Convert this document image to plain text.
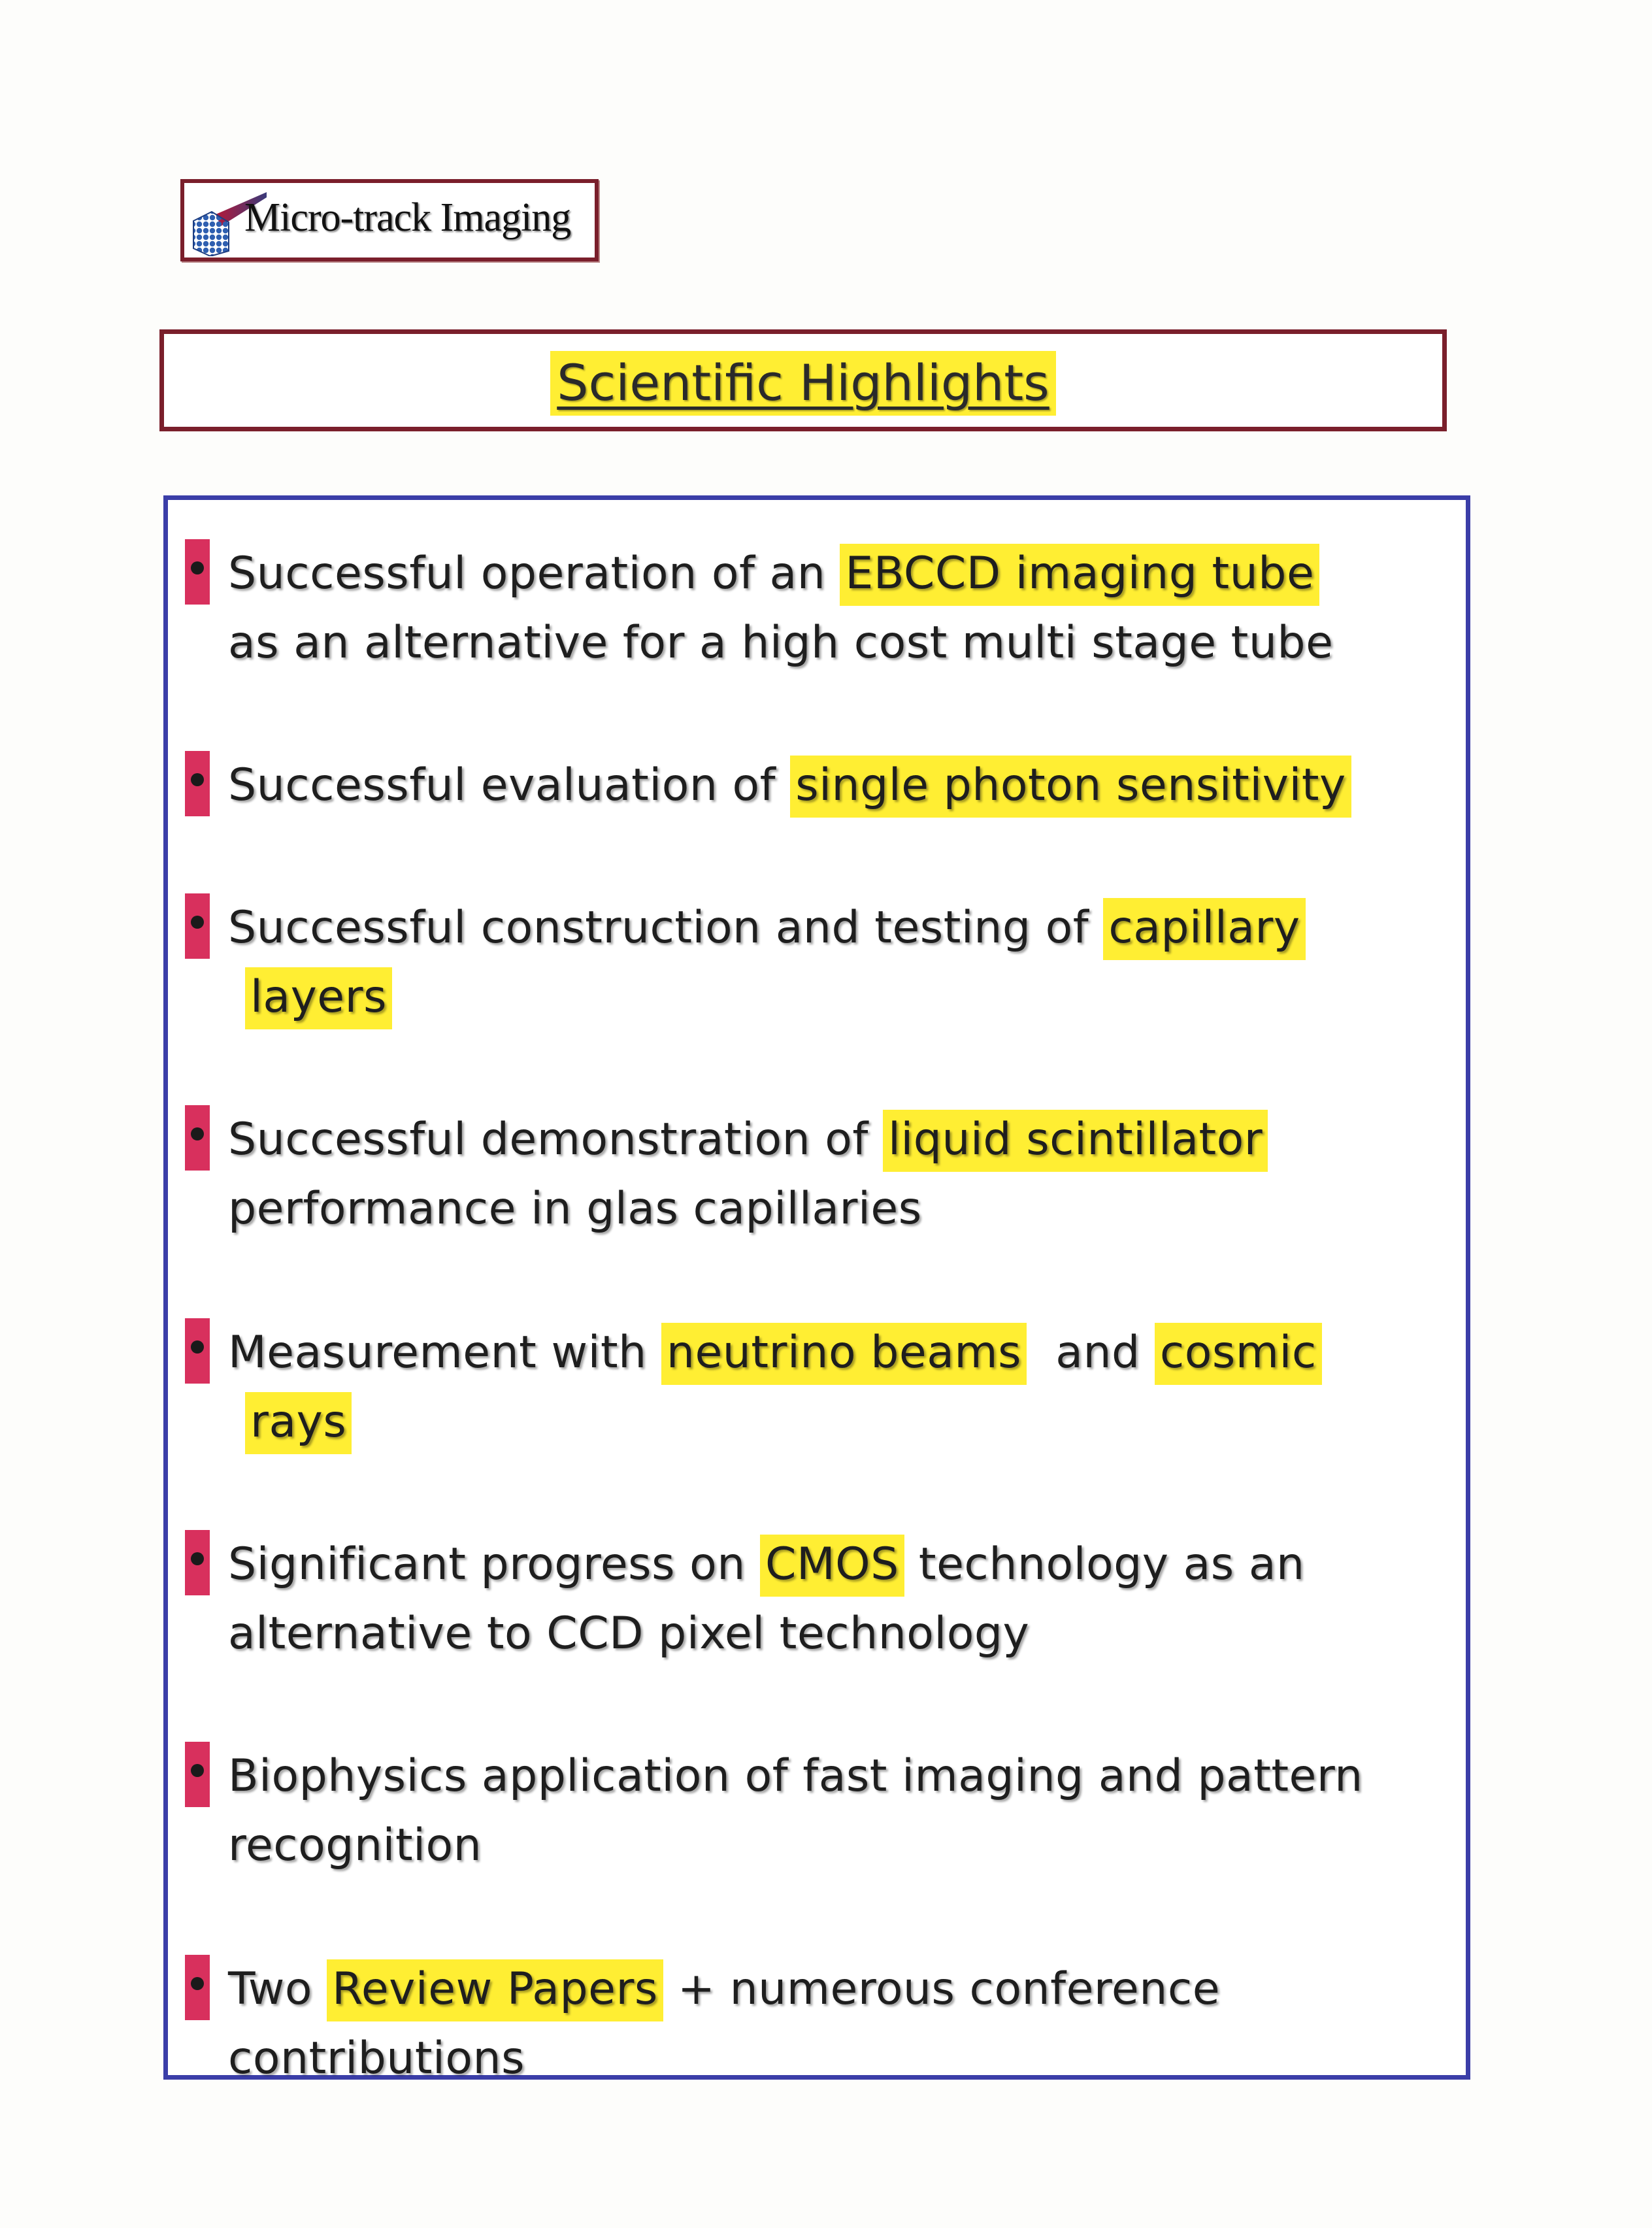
Micro-track Imaging
Scientific Highlights
Successful operation of an EBCCD imaging tube
as an alternative for a high cost multi stage tube
Successful evaluation of single photon sensitivity
Successful construction and testing of capillary
layers
Successful demonstration of liquid scintillator
performance in glas capillaries
Measurement with neutrino beams  and cosmic
rays
Significant progress on CMOS technology as an
alternative to CCD pixel technology
Biophysics application of fast imaging and pattern
recognition
Two Review Papers + numerous conference
contributions
